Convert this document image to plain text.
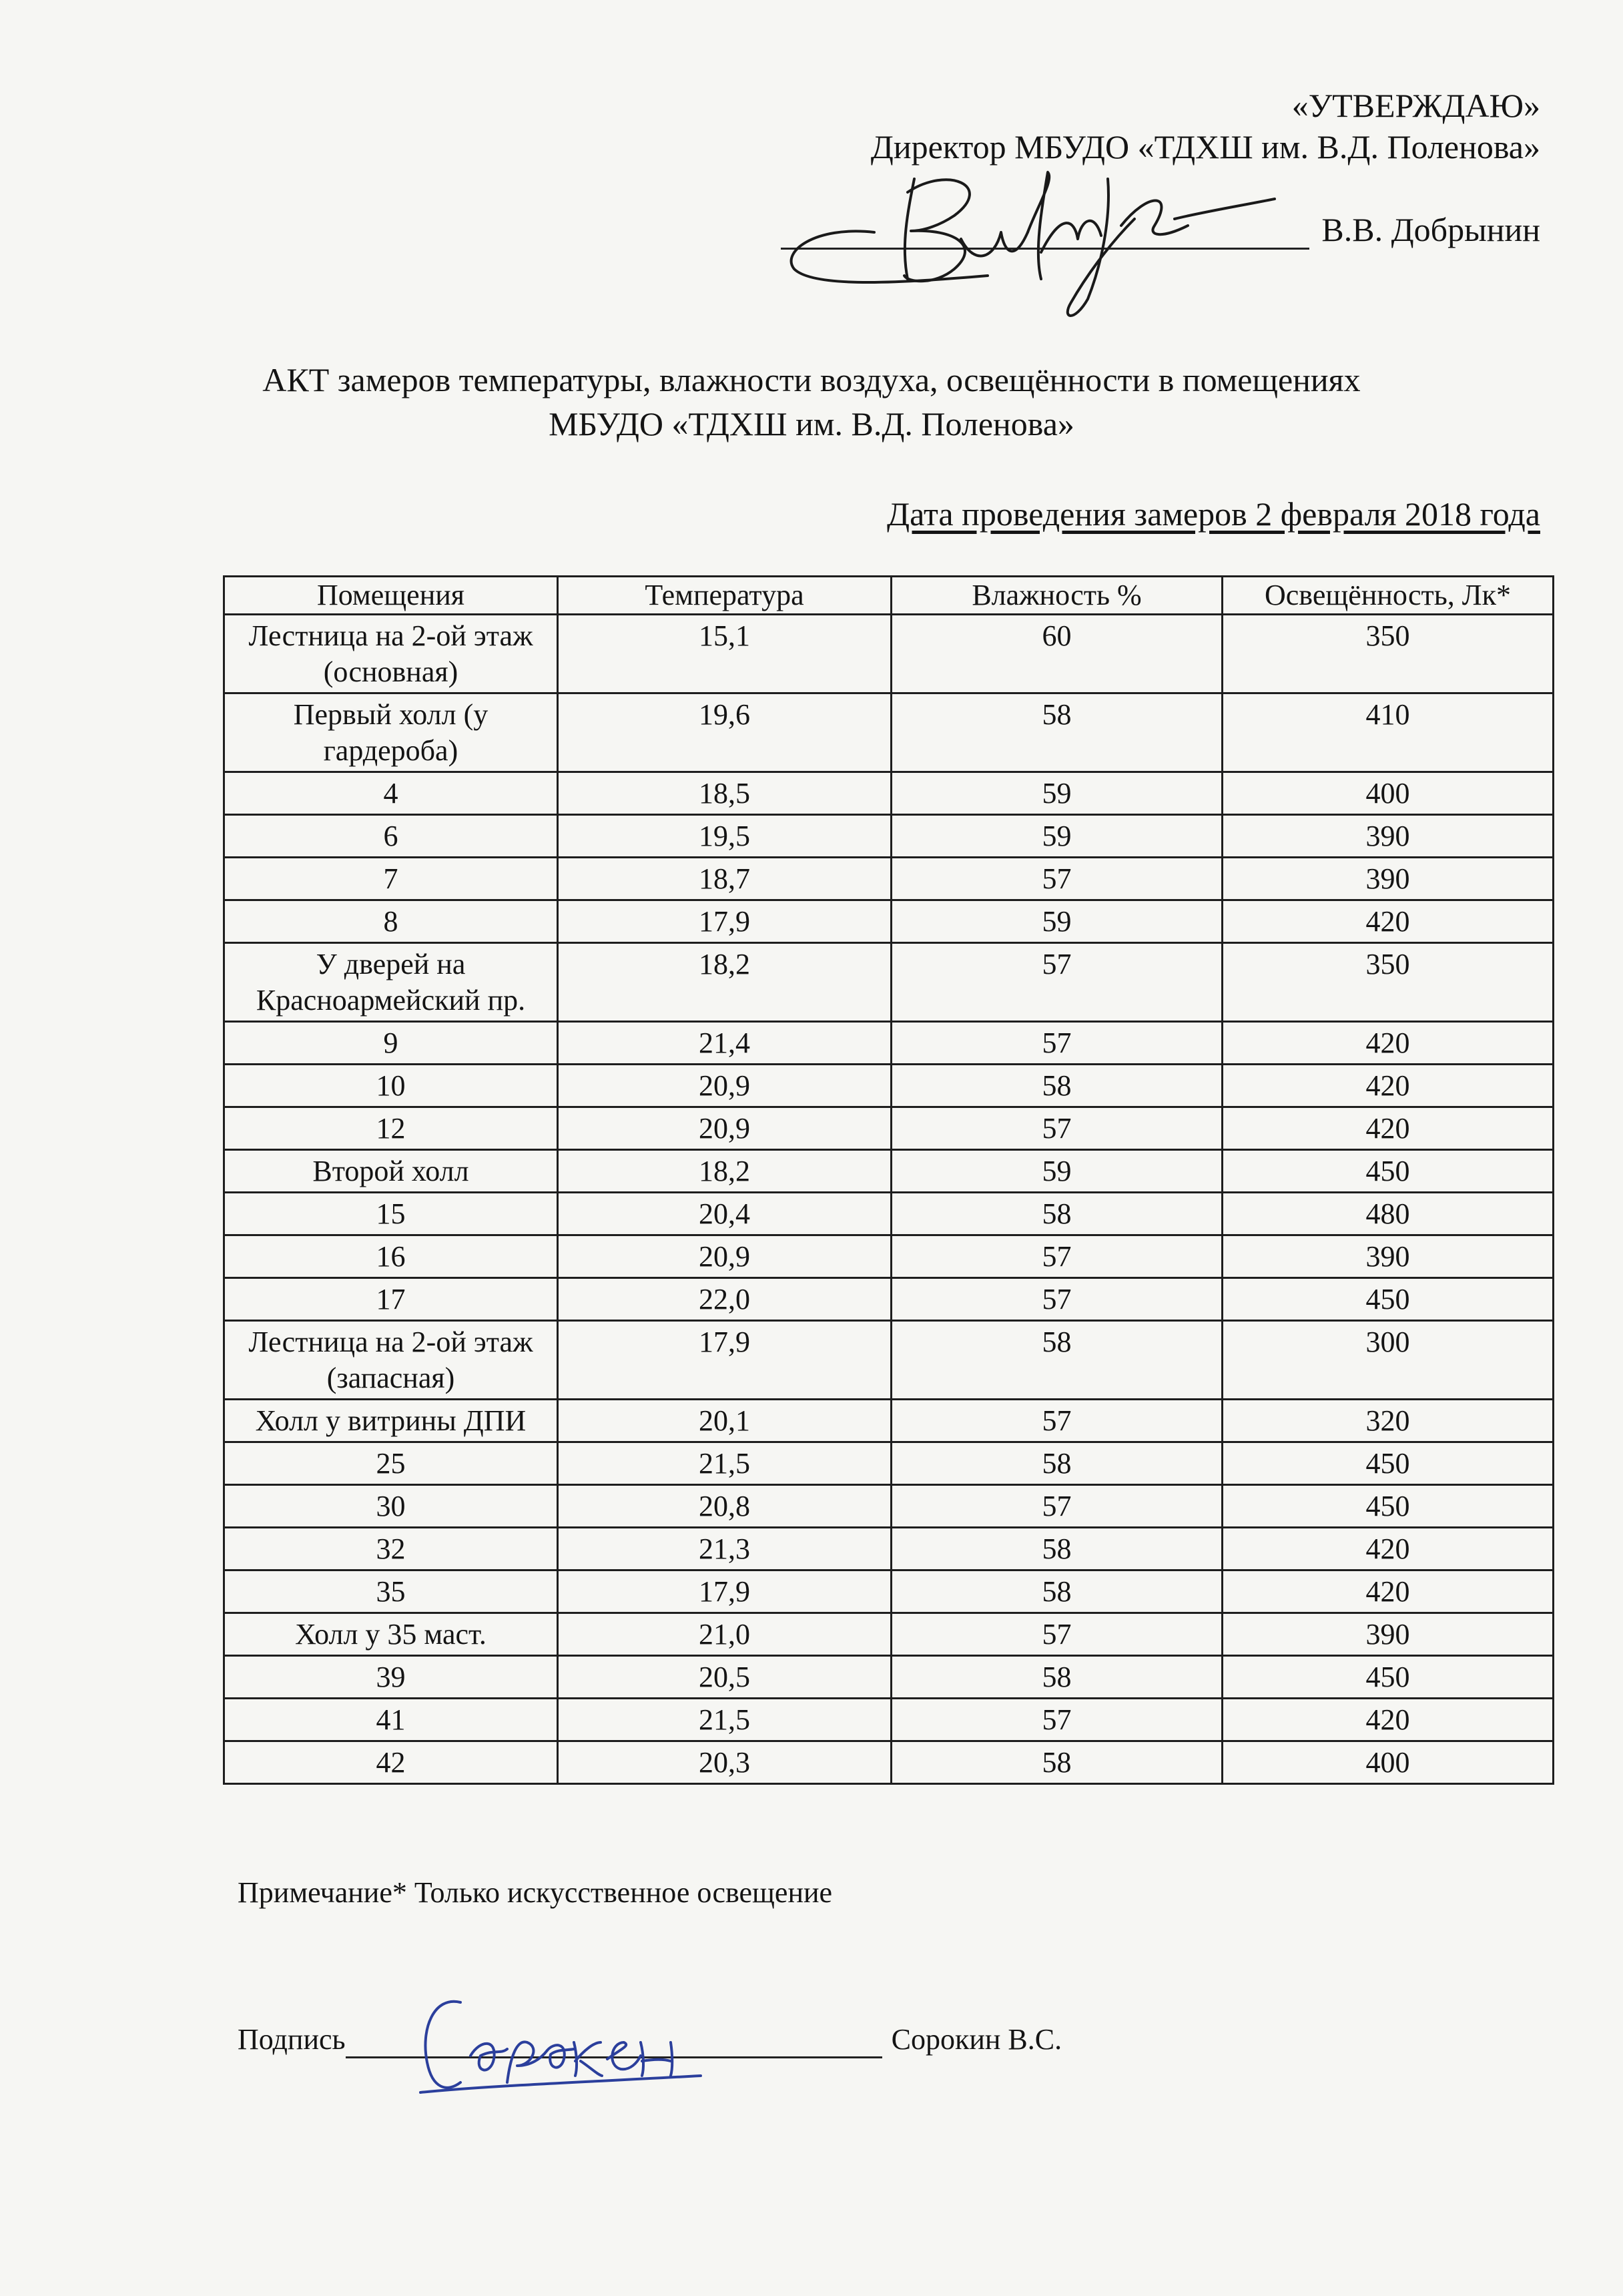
«УТВЕРЖДАЮ»
Директор МБУДО «ТДХШ им. В.Д. Поленова»
В.В. Добрынин
АКТ замеров температуры, влажности воздуха, освещённости в помещениях
МБУДО «ТДХШ им. В.Д. Поленова»
Дата проведения замеров 2 февраля 2018 года
Помещения	Температура	Влажность %	Освещённость, Лк*
Лестница на 2-ой этаж (основная)	15,1	60	350
Первый холл (у гардероба)	19,6	58	410
4	18,5	59	400
6	19,5	59	390
7	18,7	57	390
8	17,9	59	420
У дверей на Красноармейский пр.	18,2	57	350
9	21,4	57	420
10	20,9	58	420
12	20,9	57	420
Второй холл	18,2	59	450
15	20,4	58	480
16	20,9	57	390
17	22,0	57	450
Лестница на 2-ой этаж (запасная)	17,9	58	300
Холл у витрины ДПИ	20,1	57	320
25	21,5	58	450
30	20,8	57	450
32	21,3	58	420
35	17,9	58	420
Холл у 35 маст.	21,0	57	390
39	20,5	58	450
41	21,5	57	420
42	20,3	58	400
Примечание* Только искусственное освещение
Подпись	Сорокин В.С.
